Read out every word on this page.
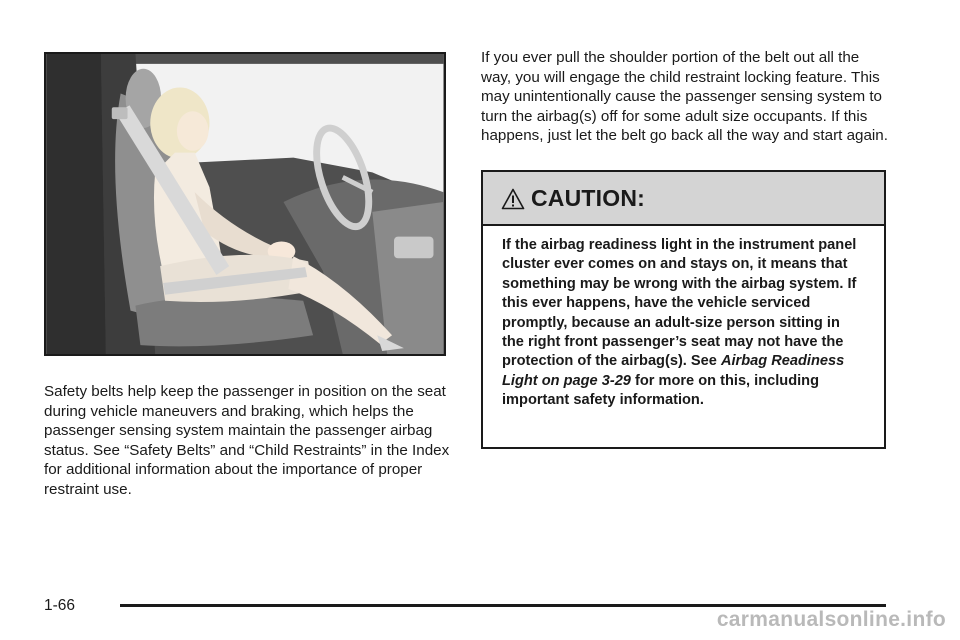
Safety belts help keep the passenger in position on the seat during vehicle maneuvers and braking, which helps the passenger sensing system maintain the passenger airbag status. See “Safety Belts” and “Child Restraints” in the Index for additional information about the importance of proper restraint use.

If you ever pull the shoulder portion of the belt out all the way, you will engage the child restraint locking feature. This may unintentionally cause the passenger sensing system to turn the airbag(s) off for some adult size occupants. If this happens, just let the belt go back all the way and start again.

CAUTION:

If the airbag readiness light in the instrument panel cluster ever comes on and stays on, it means that something may be wrong with the airbag system. If this ever happens, have the vehicle serviced promptly, because an adult-size person sitting in the right front passenger’s seat may not have the protection of the airbag(s). See Airbag Readiness Light on page 3-29 for more on this, including important safety information.

1-66
carmanualsonline.info
